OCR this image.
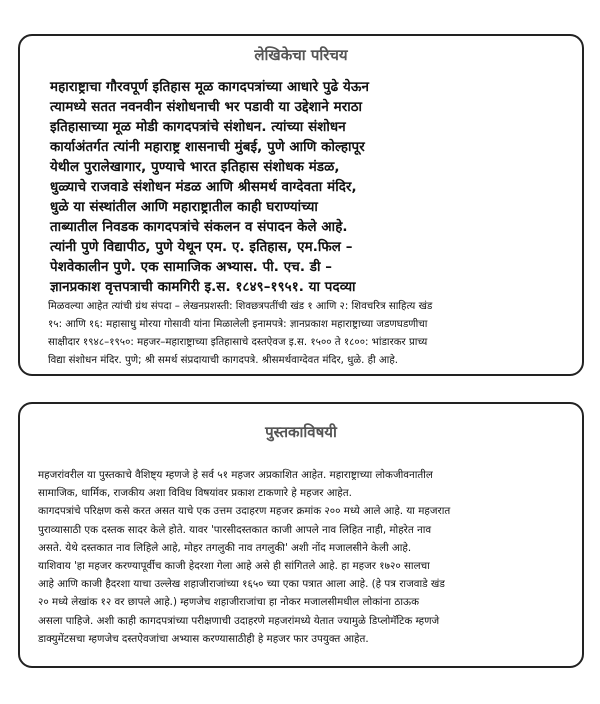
लेखिकेचा परिचय
महाराष्ट्राचा गौरवपूर्ण इतिहास मूळ कागदपत्रांच्या आधारे पुढे येऊन
त्यामध्ये सतत नवनवीन संशोधनाची भर पडावी या उद्देशाने मराठा
इतिहासाच्या मूळ मोडी कागदपत्रांचे संशोधन. त्यांच्या संशोधन
कार्याअंतर्गत त्यांनी महाराष्ट्र शासनाची मुंबई, पुणे आणि कोल्हापूर
येथील पुरालेखागार, पुण्याचे भारत इतिहास संशोधक मंडळ,
धुळ्याचे राजवाडे संशोधन मंडळ आणि श्रीसमर्थ वाग्देवता मंदिर,
धुळे या संस्थांतील आणि महाराष्ट्रातील काही घराण्यांच्या
ताब्यातील निवडक कागदपत्रांचे संकलन व संपादन केले आहे.
त्यांनी पुणे विद्यापीठ, पुणे येथून एम. ए. इतिहास, एम.फिल –
पेशवेकालीन पुणे. एक सामाजिक अभ्यास. पी. एच. डी –
ज्ञानप्रकाश वृत्तपत्राची कामगिरी इ.स. १८४९–१९५१. या पदव्या
मिळवल्या आहेत त्यांची ग्रंथ संपदा – लेखनप्रशस्ती: शिवछत्रपतींची खंड १ आणि २: शिवचरित्र साहित्य खंड
१५: आणि १६: महासाधु मोरया गोसावी यांना मिळालेली इनामपत्रे: ज्ञानप्रकाश महाराष्ट्राच्या जडणघडणीचा
साक्षीदार १९४८–१९५०: महजर–महाराष्ट्राच्या इतिहासाचे दस्तऐवज इ.स. १५०० ते १८००: भांडारकर प्राच्य
विद्या संशोधन मंदिर. पुणे; श्री समर्थ संप्रदायाची कागदपत्रे. श्रीसमर्थवाग्देवत मंदिर, धुळे. ही आहे.
पुस्तकाविषयी
महजरांवरील या पुस्तकाचे वैशिष्ट्य म्हणजे हे सर्व ५१ महजर अप्रकाशित आहेत. महाराष्ट्राच्या लोकजीवनातील
सामाजिक, धार्मिक, राजकीय अशा विविध विषयांवर प्रकाश टाकणारे हे महजर आहेत.
कागदपत्रांचे परिक्षण कसे करत असत याचे एक उत्तम उदाहरण महजर क्रमांक २०० मध्ये आले आहे. या महजरात
पुराव्यासाठी एक दस्तक सादर केले होते. यावर 'पारसीदस्तकात काजी आपले नाव लिहित नाही, मोहरेत नाव
असते. येथे दस्तकात नाव लिहिले आहे, मोहर तगलुकी नाव तगलुकी' अशी नोंद मजालसीने केली आहे.
याशिवाय 'हा महजर करण्यापूर्वीच काजी हेदरशा गेला आहे असे ही सांगितले आहे. हा महजर १७२० सालचा
आहे आणि काजी हैदरशा याचा उल्लेख शहाजीराजांच्या १६५० च्या एका पत्रात आला आहे. (हे पत्र राजवाडे खंड
२० मध्ये लेखांक १२ वर छापले आहे.) म्हणजेच शहाजीराजांचा हा नोकर मजालसीमधील लोकांना ठाऊक
असला पाहिजे. अशी काही कागदपत्रांच्या परीक्षणाची उदाहरणे महजरांमध्ये येतात ज्यामुळे डिप्लोमॅटिक म्हणजे
डाक्युमेंटसचा म्हणजेच दस्तऐवजांचा अभ्यास करण्यासाठीही हे महजर फार उपयुक्त आहेत.
